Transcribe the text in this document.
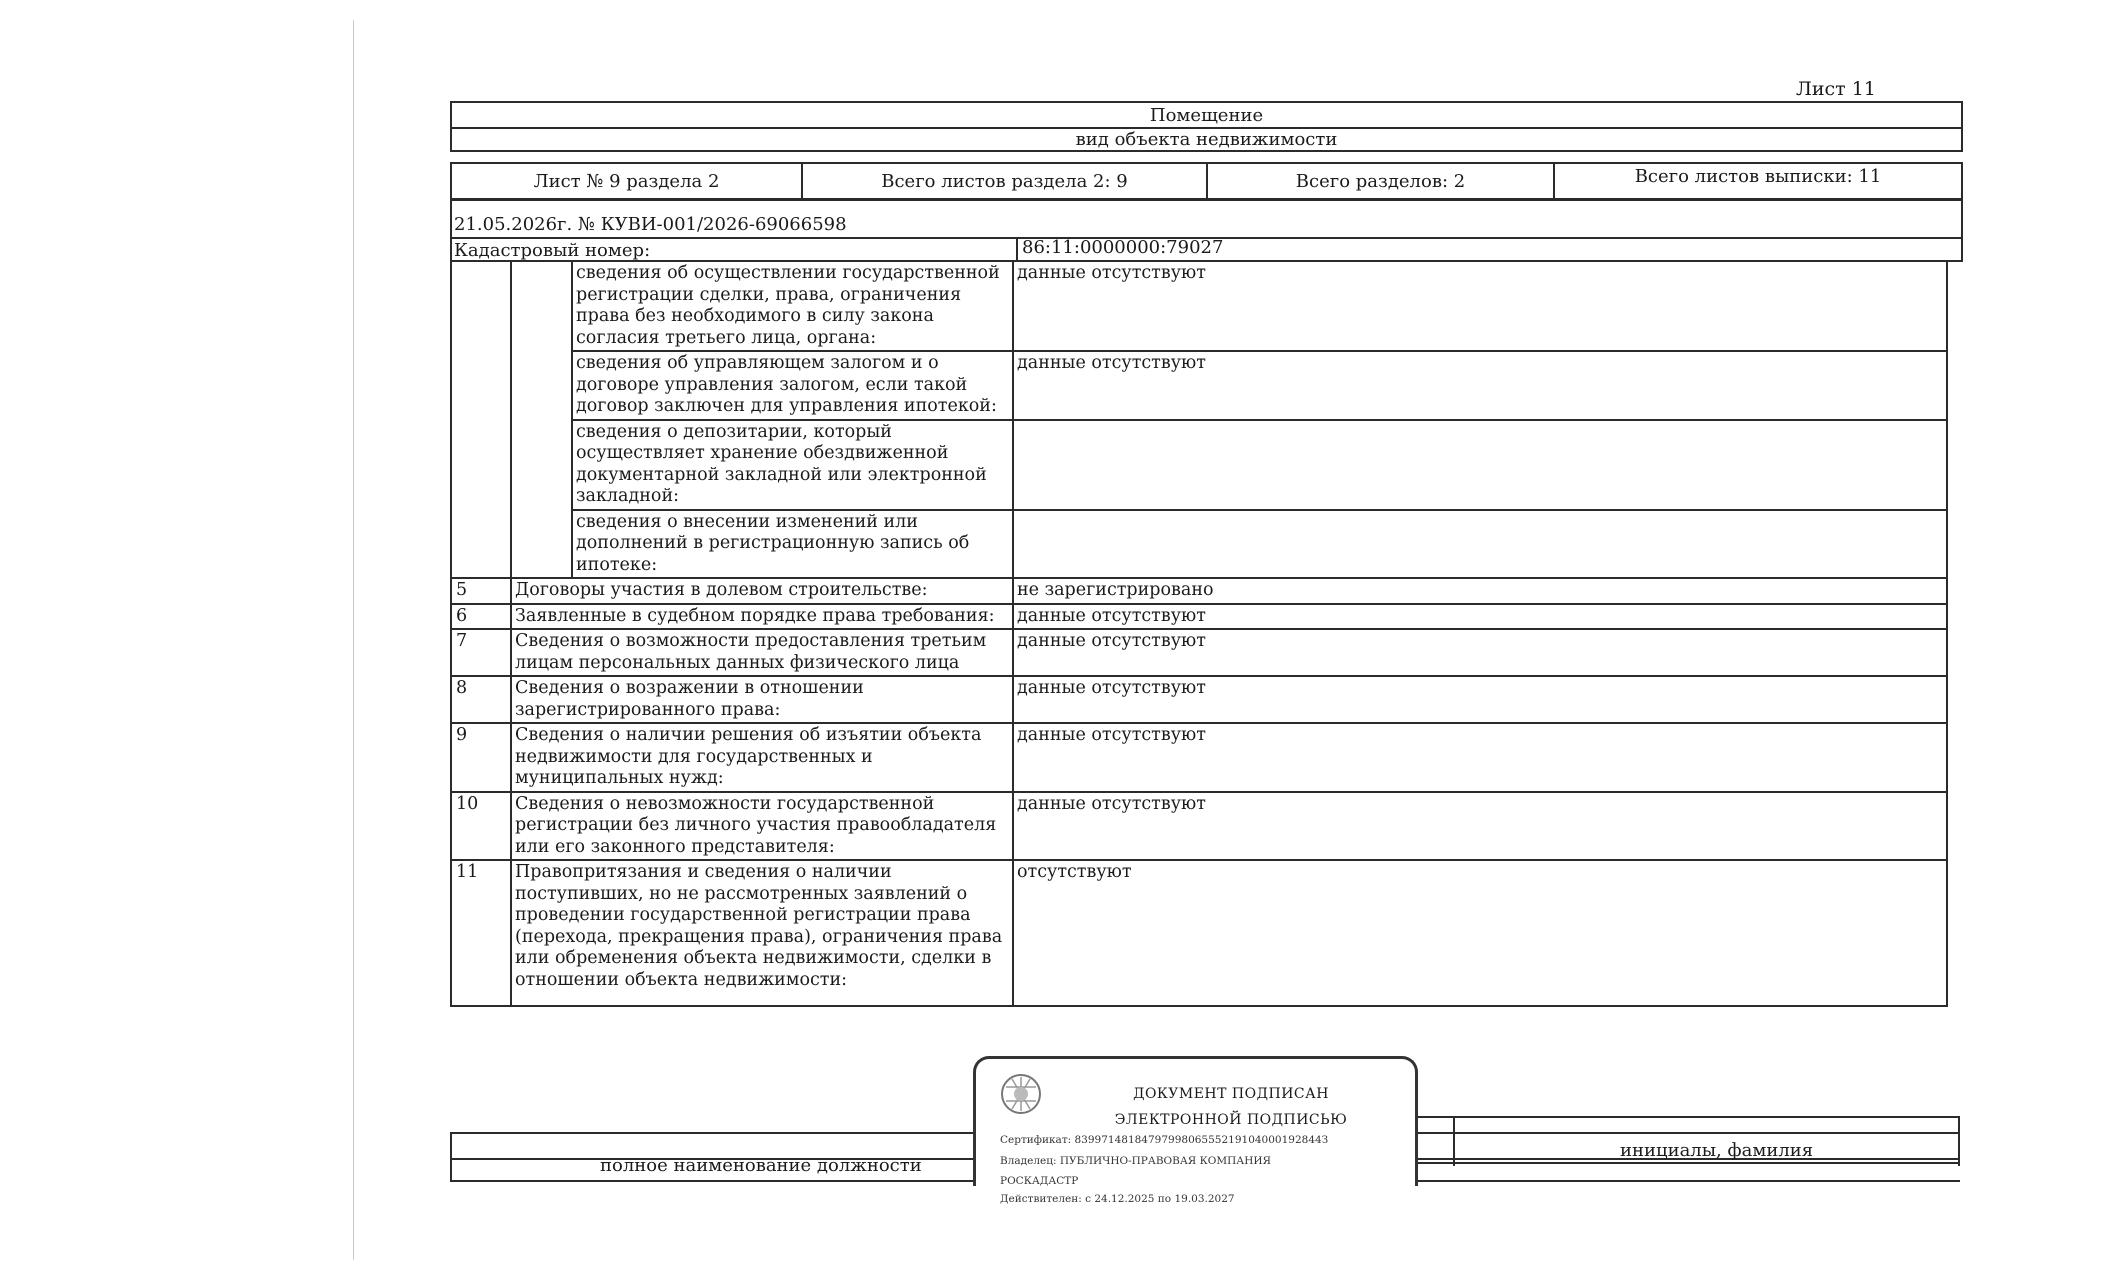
Лист 11
Помещение
вид объекта недвижимости
Лист № 9 раздела 2	Всего листов раздела 2: 9	Всего разделов: 2	Всего листов выписки: 11
21.05.2026г. № КУВИ-001/2026-69066598
Кадастровый номер:	86:11:0000000:79027
		сведения об осуществлении государственной регистрации сделки, права, ограничения права без необходимого в силу закона согласия третьего лица, органа:	данные отсутствуют
		сведения об управляющем залогом и о договоре управления залогом, если такой договор заключен для управления ипотекой:	данные отсутствуют
		сведения о депозитарии, который осуществляет хранение обездвиженной документарной закладной или электронной закладной:	
		сведения о внесении изменений или дополнений в регистрационную запись об ипотеке:	
5	Договоры участия в долевом строительстве:		не зарегистрировано
6	Заявленные в судебном порядке права требования:		данные отсутствуют
7	Сведения о возможности предоставления третьим лицам персональных данных физического лица		данные отсутствуют
8	Сведения о возражении в отношении зарегистрированного права:		данные отсутствуют
9	Сведения о наличии решения об изъятии объекта недвижимости для государственных и муниципальных нужд:		данные отсутствуют
10	Сведения о невозможности государственной регистрации без личного участия правообладателя или его законного представителя:		данные отсутствуют
11	Правопритязания и сведения о наличии поступивших, но не рассмотренных заявлений о проведении государственной регистрации права (перехода, прекращения права), ограничения права или обременения объекта недвижимости, сделки в отношении объекта недвижимости:		отсутствуют
полное наименование должности
инициалы, фамилия
ДОКУМЕНТ ПОДПИСАН
ЭЛЕКТРОННОЙ ПОДПИСЬЮ
Сертификат: 8399714818479799806555219104000192844З
Владелец: ПУБЛИЧНО-ПРАВОВАЯ КОМПАНИЯ
РОСКАДАСТР
Действителен: с 24.12.2025 по 19.03.2027
